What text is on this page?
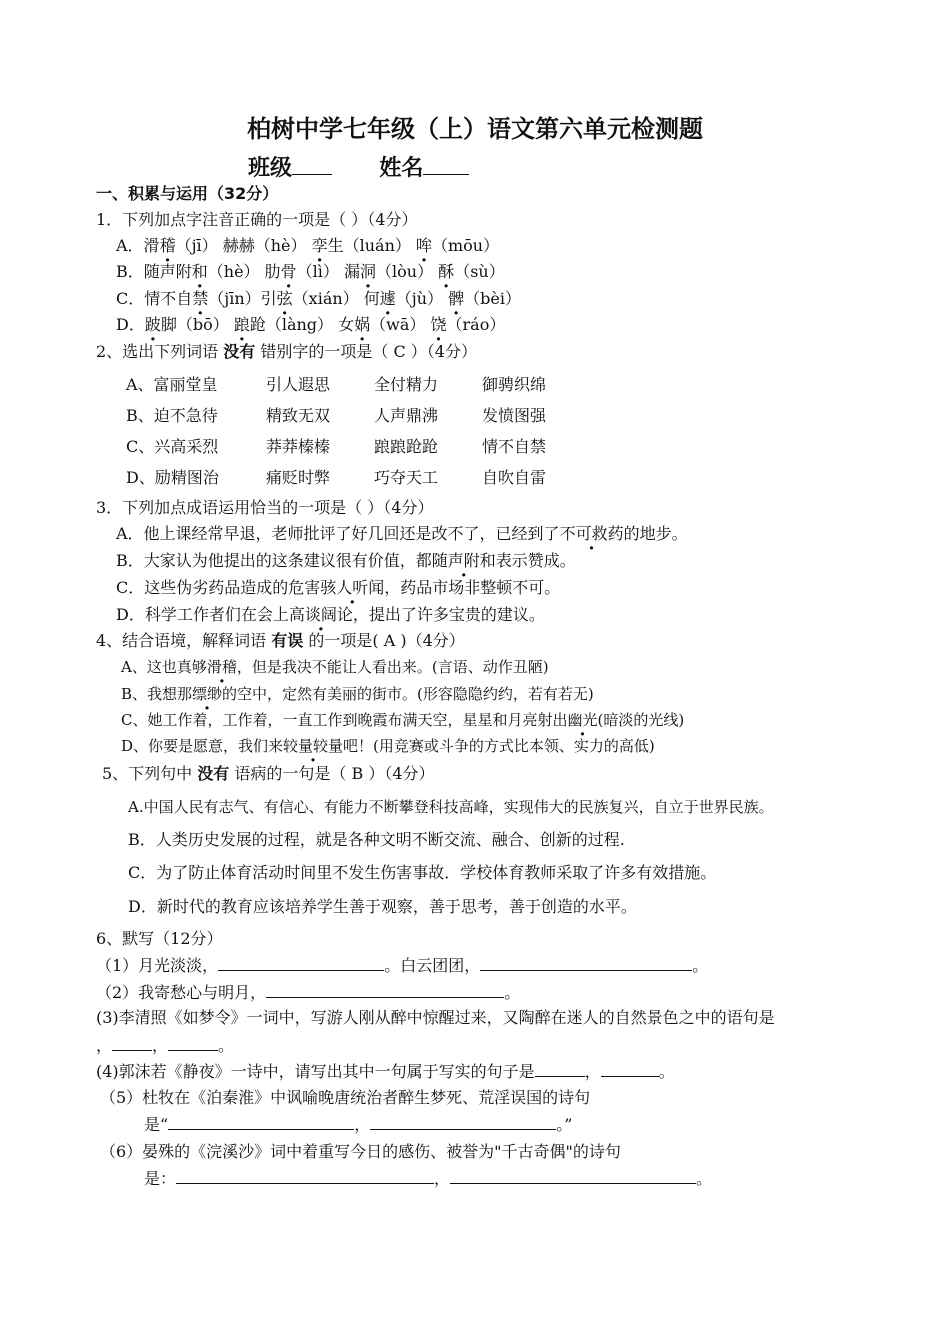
柏树中学七年级（上）语文第六单元检测题
班级	姓名
一、积累与运用（32分）
1．下列加点字注音正确的一项是（ ）（4分）
A．滑稽（jī） 赫赫（hè） 孪生（luán） 哞（mōu）
B．随声附和（hè） 肋骨（lì） 漏洞（lòu） 酥（sù）
C．情不自禁（jīn）引弦（xián） 何遽（jù） 髀（bèi）
D．跛脚（bō） 踉跄（làng） 女娲（wā） 饶（ráo）
2、选出下列词语 没有 错别字的一项是（ C ）（4分）
A、富丽堂皇	引人遐思	全付精力	御骋织绵
B、迫不急待	精致无双	人声鼎沸	发愤图强
C、兴高采烈	莽莽榛榛	踉踉跄跄	情不自禁
D、励精图治	痛贬时弊	巧夺天工	自吹自雷
3．下列加点成语运用恰当的一项是（ ）（4分）
A．他上课经常早退，老师批评了好几回还是改不了，已经到了不可救药的地步。
B．大家认为他提出的这条建议很有价值，都随声附和表示赞成。
C．这些伪劣药品造成的危害骇人听闻，药品市场非整顿不可。
D．科学工作者们在会上高谈阔论，提出了许多宝贵的建议。
4、结合语境，解释词语 有误 的一项是( A )（4分）
A、这也真够滑稽，但是我决不能让人看出来。(言语、动作丑陋)
B、我想那缥缈的空中，定然有美丽的街市。(形容隐隐约约，若有若无)
C、她工作着，工作着，一直工作到晚霞布满天空，星星和月亮射出幽光(暗淡的光线)
D、你要是愿意，我们来较量较量吧！(用竞赛或斗争的方式比本领、实力的高低)
5、下列句中 没有 语病的一句是（ B ）（4分）
A.中国人民有志气、有信心、有能力不断攀登科技高峰，实现伟大的民族复兴，自立于世界民族。
B．人类历史发展的过程，就是各种文明不断交流、融合、创新的过程.
C．为了防止体育活动时间里不发生伤害事故．学校体育教师采取了许多有效措施。
D．新时代的教育应该培养学生善于观察，善于思考，善于创造的水平。
6、默写（12分）
（1）月光淡淡，	。白云团团，	。
（2）我寄愁心与明月，	。
(3)李清照《如梦令》一词中，写游人刚从醉中惊醒过来，又陶醉在迷人的自然景色之中的语句是
，	，	。
(4)郭沫若《静夜》一诗中，请写出其中一句属于写实的句子是	，	。
（5）杜牧在《泊秦淮》中讽喻晚唐统治者醉生梦死、荒淫误国的诗句
是“	，	。”
（6）晏殊的《浣溪沙》词中着重写今日的感伤、被誉为"千古奇偶"的诗句
是：	，	。
